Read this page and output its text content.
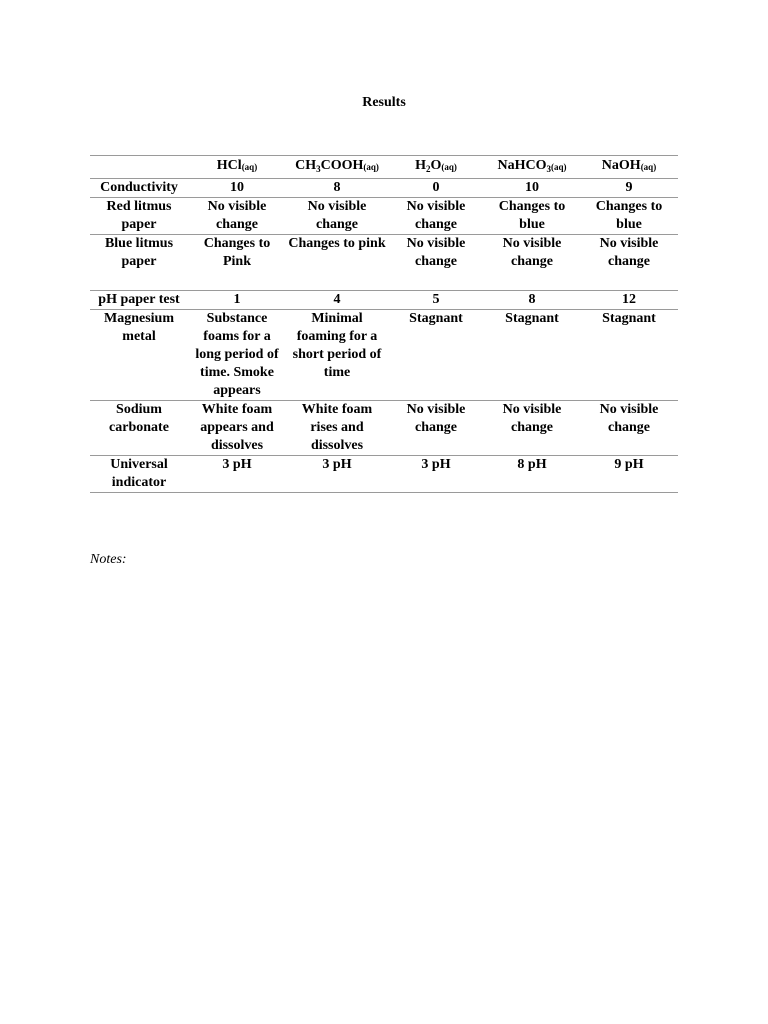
Results
	HCl(aq)	$CH_3COOH(aq)$	$H_2O(aq)$	NaHCO$_3$(aq)	NaOH(aq)
Conductivity	10	8	0	10	9
Red litmus paper	No visible change	No visible change	No visible change	Changes to blue	Changes to blue
Blue litmus paper	Changes to Pink	Changes to pink	No visible change	No visible change	No visible change
pH paper test	1	4	5	8	12
Magnesium metal	Substance foams for a long period of time. Smoke appears	Minimal foaming for a short period of time	Stagnant	Stagnant	Stagnant
Sodium carbonate	White foam appears and dissolves	White foam rises and dissolves	No visible change	No visible change	No visible change
Universal indicator	3 pH	3 pH	3 pH	8 pH	9 pH
Notes:
